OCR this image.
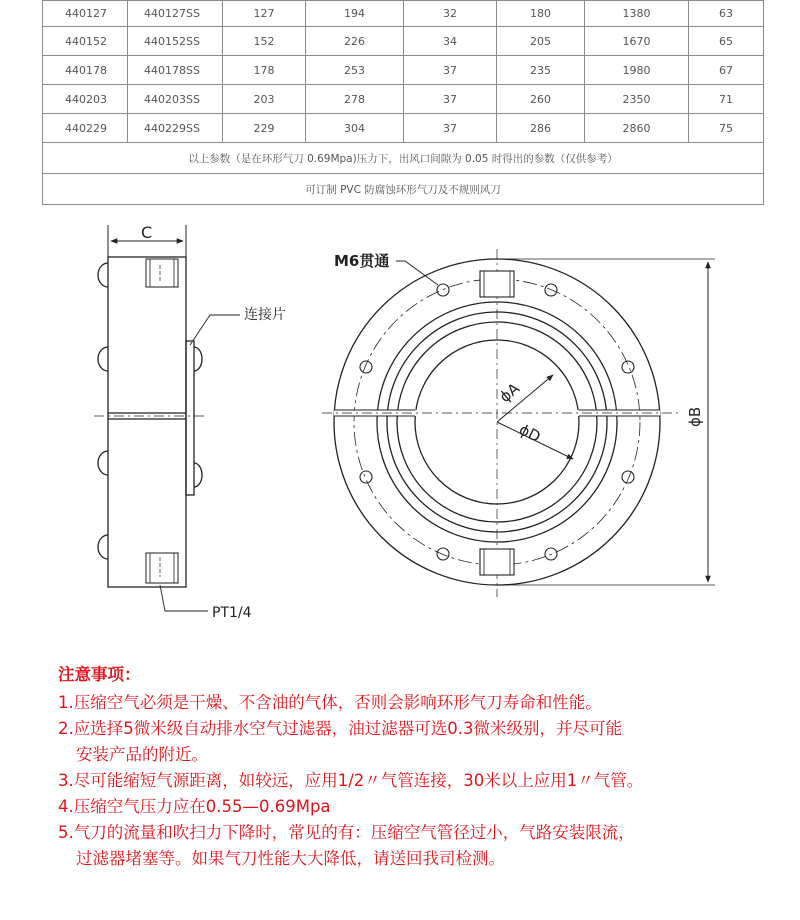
440127	440127SS	127	194	32	180	1380	63
440152	440152SS	152	226	34	205	1670	65
440178	440178SS	178	253	37	235	1980	67
440203	440203SS	203	278	37	260	2350	71
440229	440229SS	229	304	37	286	2860	75
以上参数（是在环形气刀 0.69Mpa)压力下，出风口间隙为 0.05 时得出的参数（仅供参考）							
可订制 PVC 防腐蚀环形气刀及不规则风刀							
C
连接片
PT1/4
M6贯通
ϕA
ϕD
ϕB
注意事项：
1.压缩空气必须是干燥、不含油的气体，否则会影响环形气刀寿命和性能。
2.应选择5微米级自动排水空气过滤器，油过滤器可选0.3微米级别，并尽可能
安装产品的附近。
3.尽可能缩短气源距离，如较远，应用1/2〃气管连接，30米以上应用1〃气管。
4.压缩空气压力应在0.55—0.69Mpa
5.气刀的流量和吹扫力下降时，常见的有：压缩空气管径过小，气路安装限流，
过滤器堵塞等。如果气刀性能大大降低，请送回我司检测。
